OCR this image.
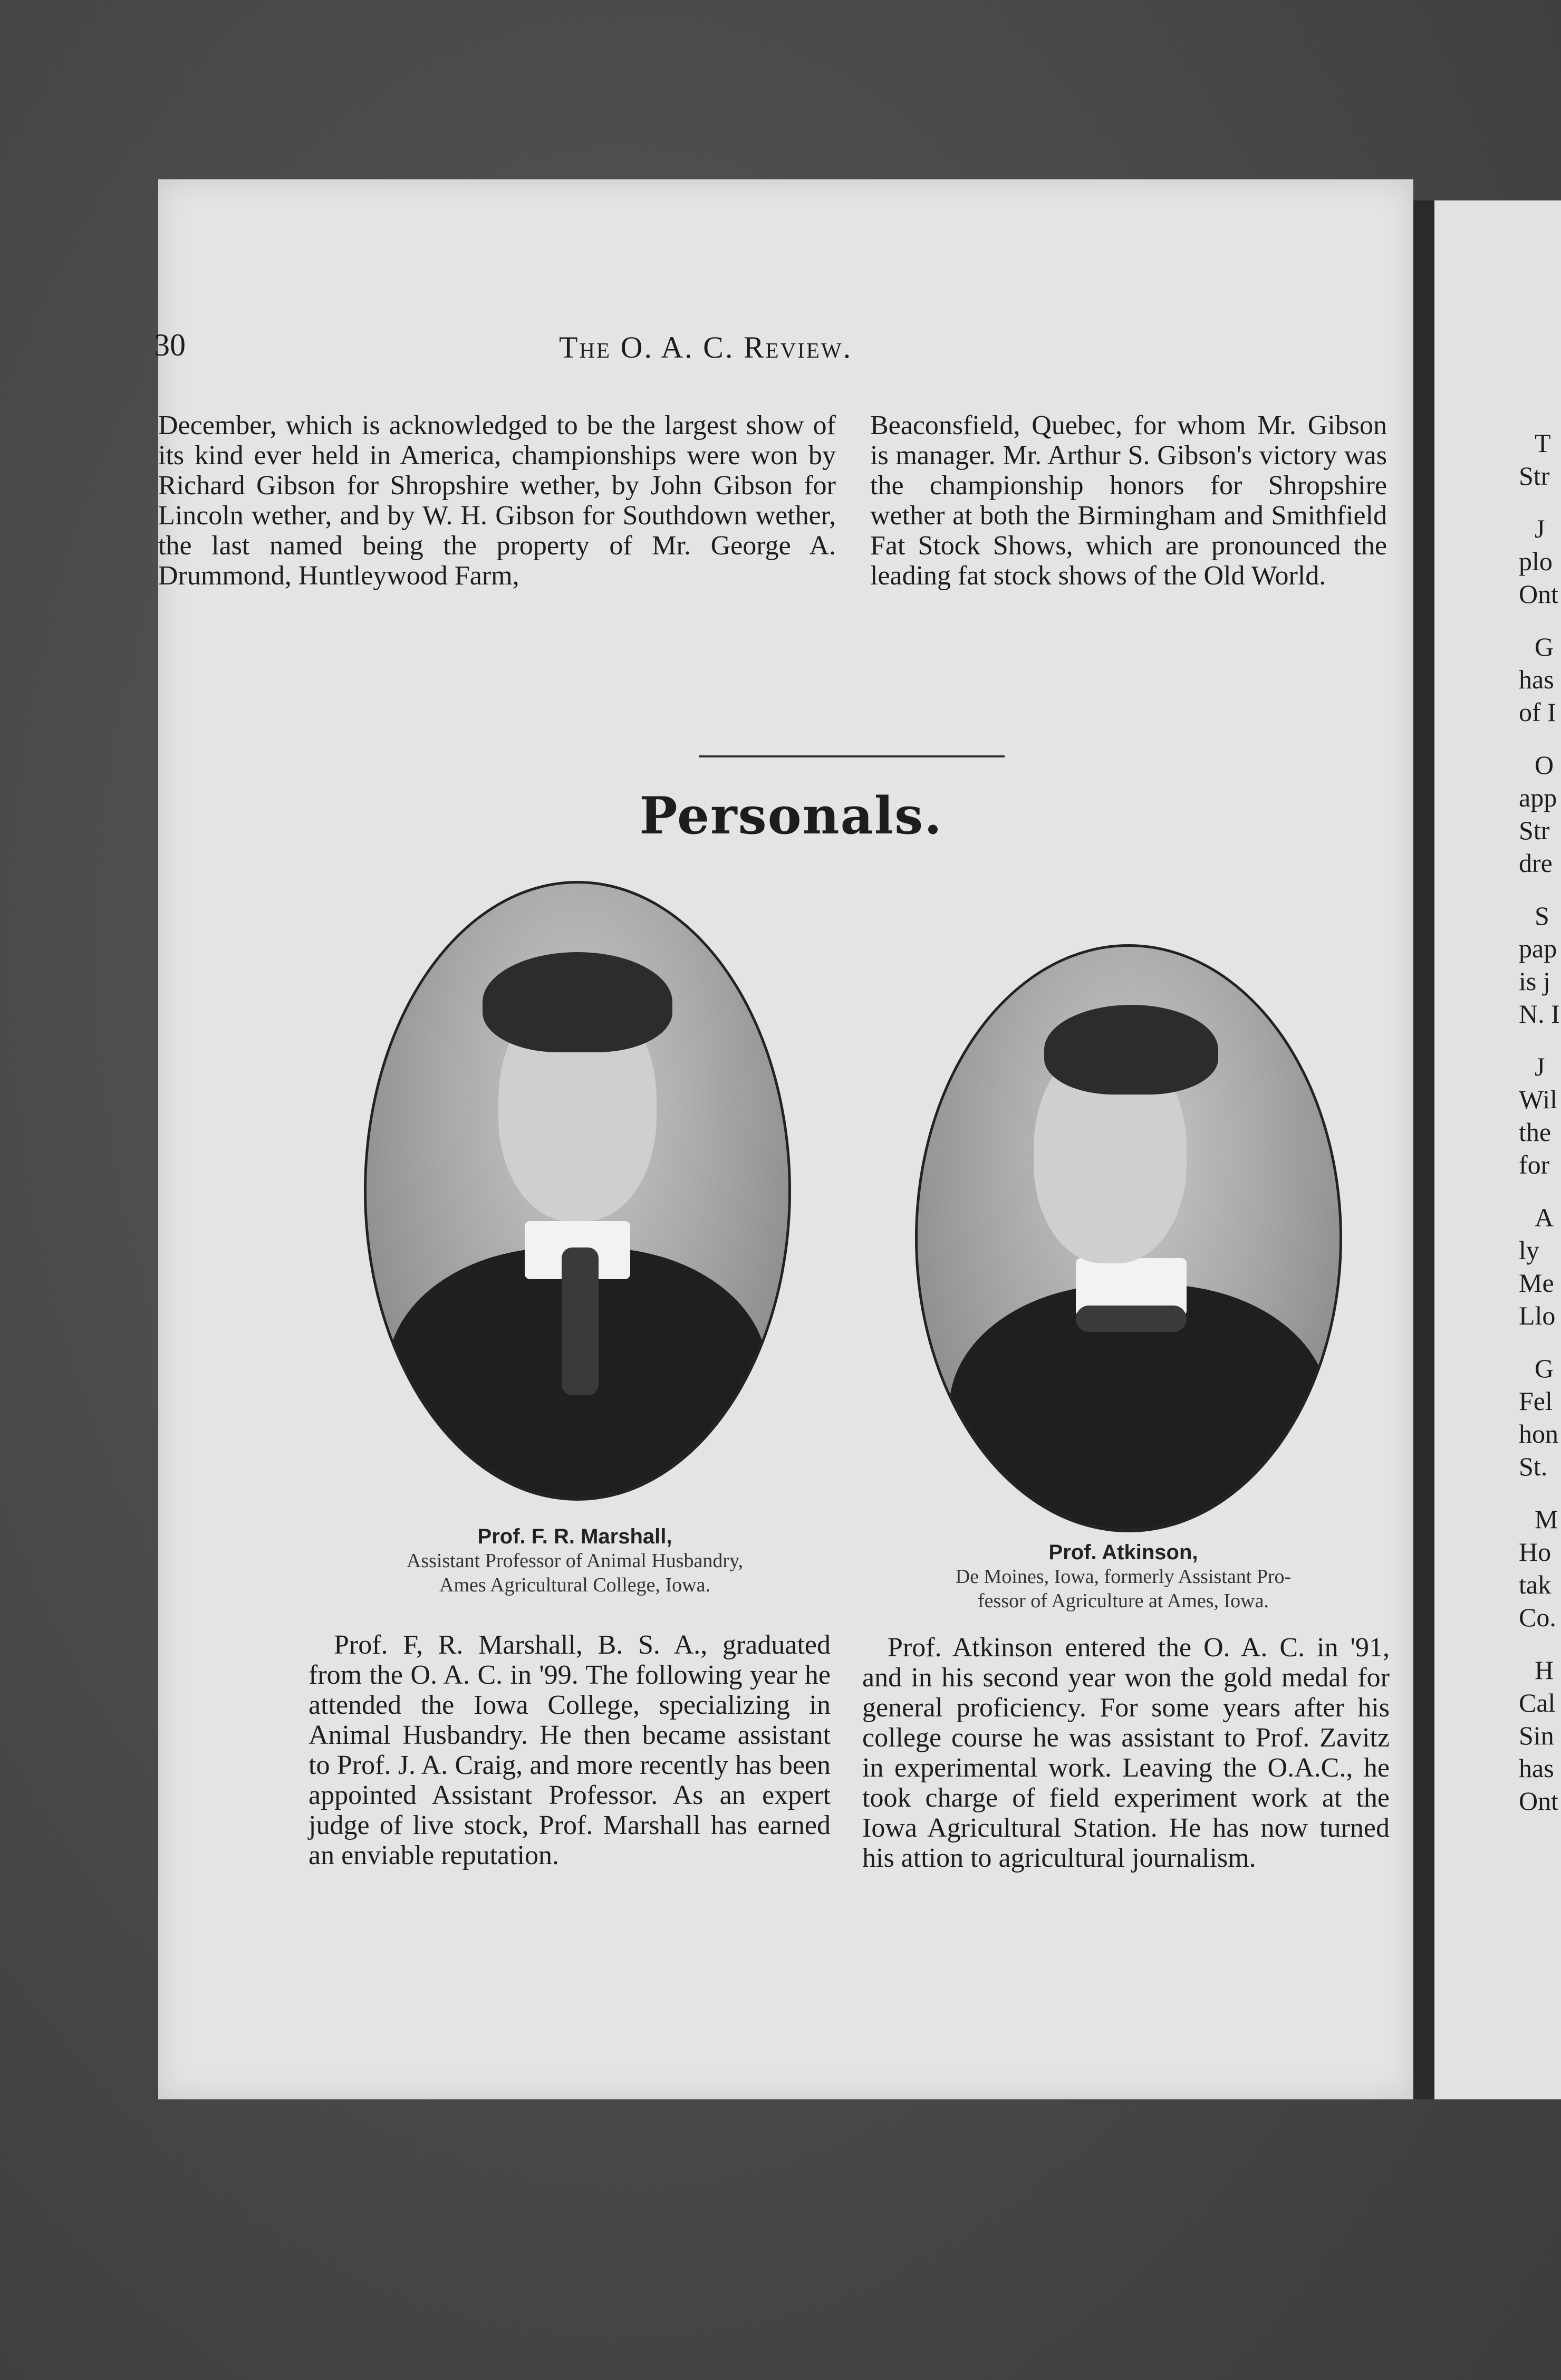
30	The O. A. C. Review.

December, which is acknowledged to be the largest show of its kind ever held in America, championships were won by Richard Gibson for Shropshire wether, by John Gibson for Lincoln wether, and by W. H. Gibson for Southdown wether, the last named being the property of Mr. George A. Drummond, Huntleywood Farm,

Beaconsfield, Quebec, for whom Mr. Gibson is manager. Mr. Arthur S. Gibson's victory was the championship honors for Shropshire wether at both the Birmingham and Smithfield Fat Stock Shows, which are pronounced the leading fat stock shows of the Old World.

Personals.
Prof. F. R. Marshall,
Assistant Professor of Animal Husbandry,
Ames Agricultural College, Iowa.
Prof. Atkinson,
De Moines, Iowa, formerly Assistant Pro-
fessor of Agriculture at Ames, Iowa.

Prof. F, R. Marshall, B. S. A., graduated from the O. A. C. in '99. The following year he attended the Iowa College, specializing in Animal Husbandry. He then became assistant to Prof. J. A. Craig, and more recently has been appointed Assistant Professor. As an expert judge of live stock, Prof. Marshall has earned an enviable reputation.

Prof. Atkinson entered the O. A. C. in '91, and in his second year won the gold medal for general proficiency. For some years after his college course he was assistant to Prof. Zavitz in experimental work. Leaving the O.A.C., he took charge of field experiment work at the Iowa Agricultural Station. He has now turned his attion to agricultural journalism.

T
Str
J
plo
Ont
G
has
of I
O
app
Str
dre
S
pap
is j
N. I
J
Wil
the
for
A
ly
Me
Llo
G
Fel
hon
St.
M
Ho
tak
Co.
H
Cal
Sin
has
Ont
